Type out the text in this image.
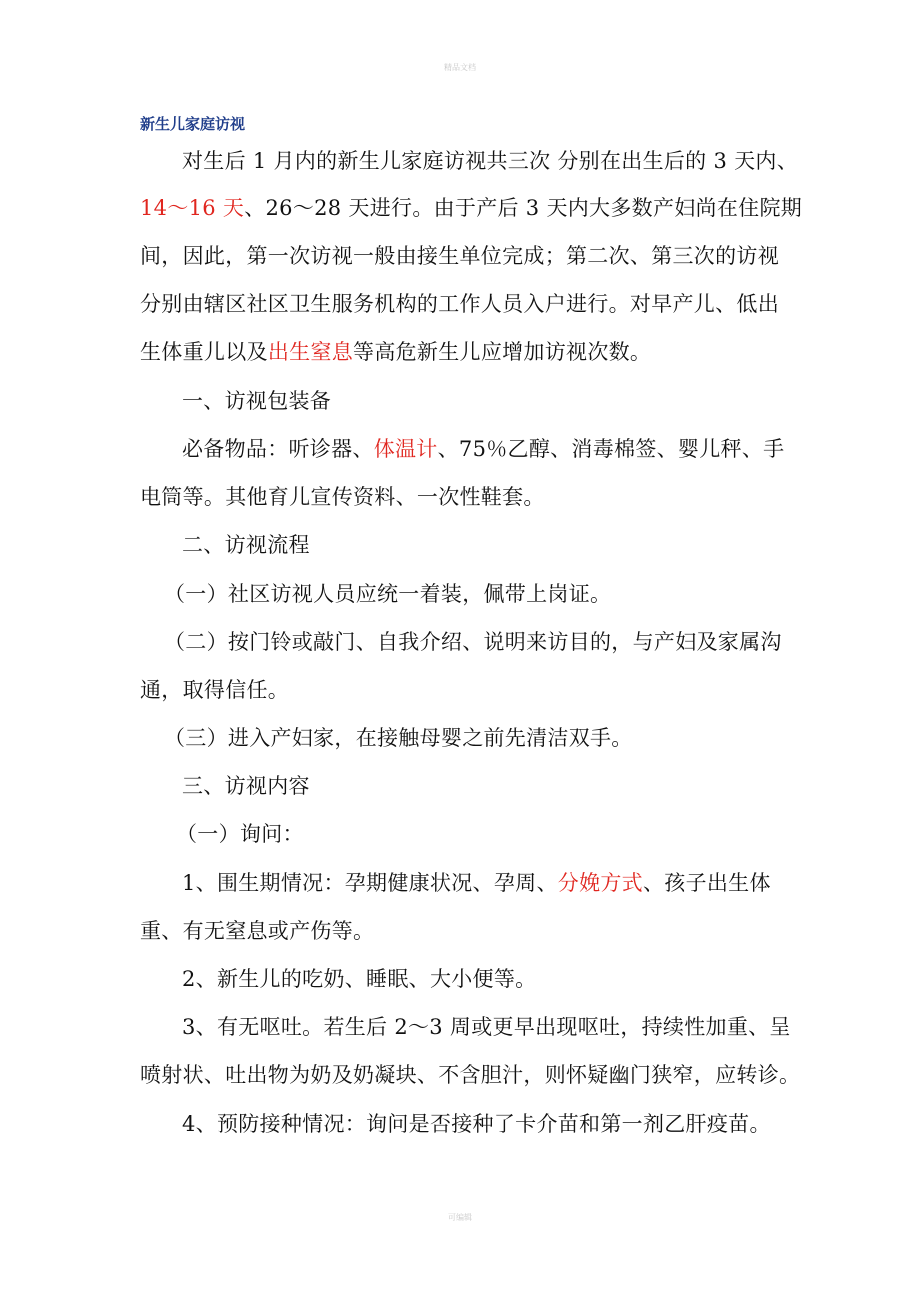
精品文档
新生儿家庭访视
对生后 1 月内的新生儿家庭访视共三次 分别在出生后的 3 天内、
14～16 天、26～28 天进行。由于产后 3 天内大多数产妇尚在住院期
间，因此，第一次访视一般由接生单位完成；第二次、第三次的访视
分别由辖区社区卫生服务机构的工作人员入户进行。对早产儿、低出
生体重儿以及出生窒息等高危新生儿应增加访视次数。
一、访视包装备
必备物品：听诊器、体温计、75％乙醇、消毒棉签、婴儿秤、手
电筒等。其他育儿宣传资料、一次性鞋套。
二、访视流程
（一）社区访视人员应统一着装，佩带上岗证。
（二）按门铃或敲门、自我介绍、说明来访目的，与产妇及家属沟
通，取得信任。
（三）进入产妇家，在接触母婴之前先清洁双手。
三、访视内容
（一）询问：
1、围生期情况：孕期健康状况、孕周、分娩方式、孩子出生体
重、有无窒息或产伤等。
2、新生儿的吃奶、睡眠、大小便等。
3、有无呕吐。若生后 2～3 周或更早出现呕吐，持续性加重、呈
喷射状、吐出物为奶及奶凝块、不含胆汁，则怀疑幽门狭窄，应转诊。
4、预防接种情况：询问是否接种了卡介苗和第一剂乙肝疫苗。
可编辑
